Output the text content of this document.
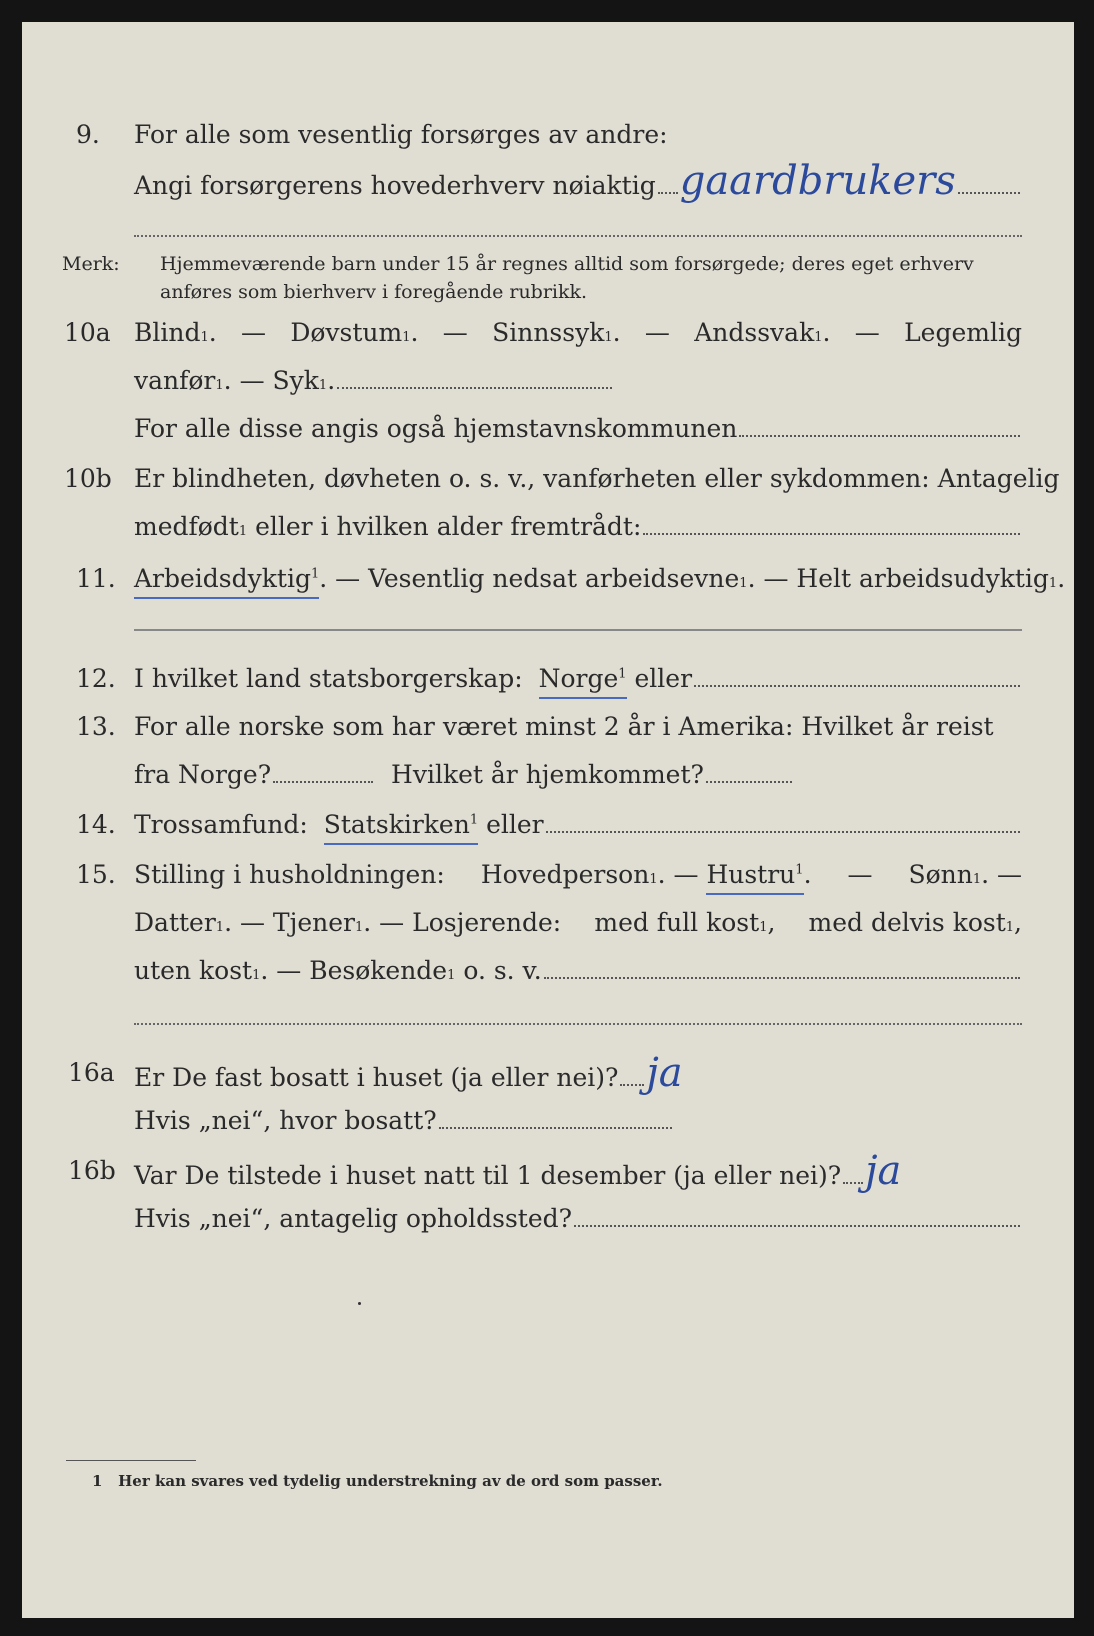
9. For alle som vesentlig forsørges av andre:
Angi forsørgerens hovederhverv nøiaktig gaardbrukers
Merk: Hjemmeværende barn under 15 år regnes alltid som forsørgede; deres eget erhverv
anføres som bierhverv i foregående rubrikk.
10a Blind 1 .
— Døvstum 1 .
— Sinnssyk 1 .
— Andssvak 1 .
— Legemlig
vanfør 1 . — Syk 1 .
For alle disse angis også hjemstavnskommunen
10b Er blindheten, døvheten o. s. v., vanførheten eller sykdommen: Antagelig
medfødt 1
eller i hvilken alder fremtrådt:
11. Arbeidsdyktig$^1$ . — Vesentlig nedsat arbeidsevne 1 . — Helt arbeidsudyktig 1 .
12. I hvilket land statsborgerskap:
Norge$^1$
eller
13. For alle norske som har været minst 2 år i Amerika: Hvilket år reist
fra Norge?
	Hvilket år hjemkommet?
14. Trossamfund:
Statskirken$^1$
eller
15. Stilling i husholdningen: Hovedperson 1 . — Hustru$^1$ .
— Sønn 1 . —
Datter 1 . — Tjener 1 . — Losjerende: med full kost 1 , med delvis kost 1 ,
uten kost 1 . — Besøkende 1
o. s. v.
16a Er De fast bosatt i huset (ja eller nei)? ja
Hvis „nei“, hvor bosatt?
16b Var De tilstede i huset natt til 1 desember (ja eller nei)? ja
Hvis „nei“, antagelig opholdssted?
1 Her kan svares ved tydelig understrekning av de ord som passer.
